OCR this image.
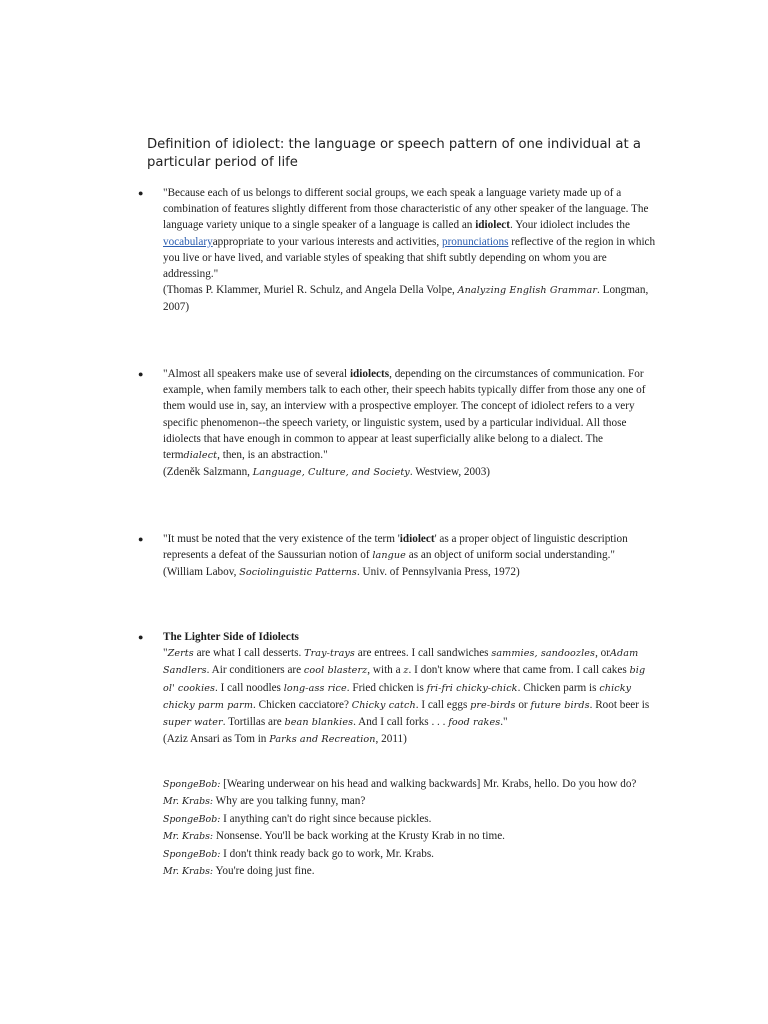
Definition of idiolect: the language or speech pattern of one individual at a particular period of life
● "Because each of us belongs to different social groups, we each speak a language variety made up of a combination of features slightly different from those characteristic of any other speaker of the language. The language variety unique to a single speaker of a language is called an idiolect. Your idiolect includes the vocabularyappropriate to your various interests and activities, pronunciations reflective of the region in which you live or have lived, and variable styles of speaking that shift subtly depending on whom you are addressing."
(Thomas P. Klammer, Muriel R. Schulz, and Angela Della Volpe, Analyzing English Grammar. Longman, 2007)
● "Almost all speakers make use of several idiolects, depending on the circumstances of communication. For example, when family members talk to each other, their speech habits typically differ from those any one of them would use in, say, an interview with a prospective employer. The concept of idiolect refers to a very specific phenomenon--the speech variety, or linguistic system, used by a particular individual. All those idiolects that have enough in common to appear at least superficially alike belong to a dialect. The termdialect, then, is an abstraction."
(Zdeněk Salzmann, Language, Culture, and Society. Westview, 2003)
● "It must be noted that the very existence of the term 'idiolect' as a proper object of linguistic description represents a defeat of the Saussurian notion of langue as an object of uniform social understanding."
(William Labov, Sociolinguistic Patterns. Univ. of Pennsylvania Press, 1972)
● The Lighter Side of Idiolects
"Zerts are what I call desserts. Tray-trays are entrees. I call sandwiches sammies, sandoozles, orAdam Sandlers. Air conditioners are cool blasterz, with a z. I don't know where that came from. I call cakes big ol' cookies. I call noodles long-ass rice. Fried chicken is fri-fri chicky-chick. Chicken parm is chicky chicky parm parm. Chicken cacciatore? Chicky catch. I call eggs pre-birds or future birds. Root beer is super water. Tortillas are bean blankies. And I call forks . . . food rakes."
(Aziz Ansari as Tom in Parks and Recreation, 2011)
SpongeBob: [Wearing underwear on his head and walking backwards] Mr. Krabs, hello. Do you how do?
Mr. Krabs: Why are you talking funny, man?
SpongeBob: I anything can't do right since because pickles.
Mr. Krabs: Nonsense. You'll be back working at the Krusty Krab in no time.
SpongeBob: I don't think ready back go to work, Mr. Krabs.
Mr. Krabs: You're doing just fine.
